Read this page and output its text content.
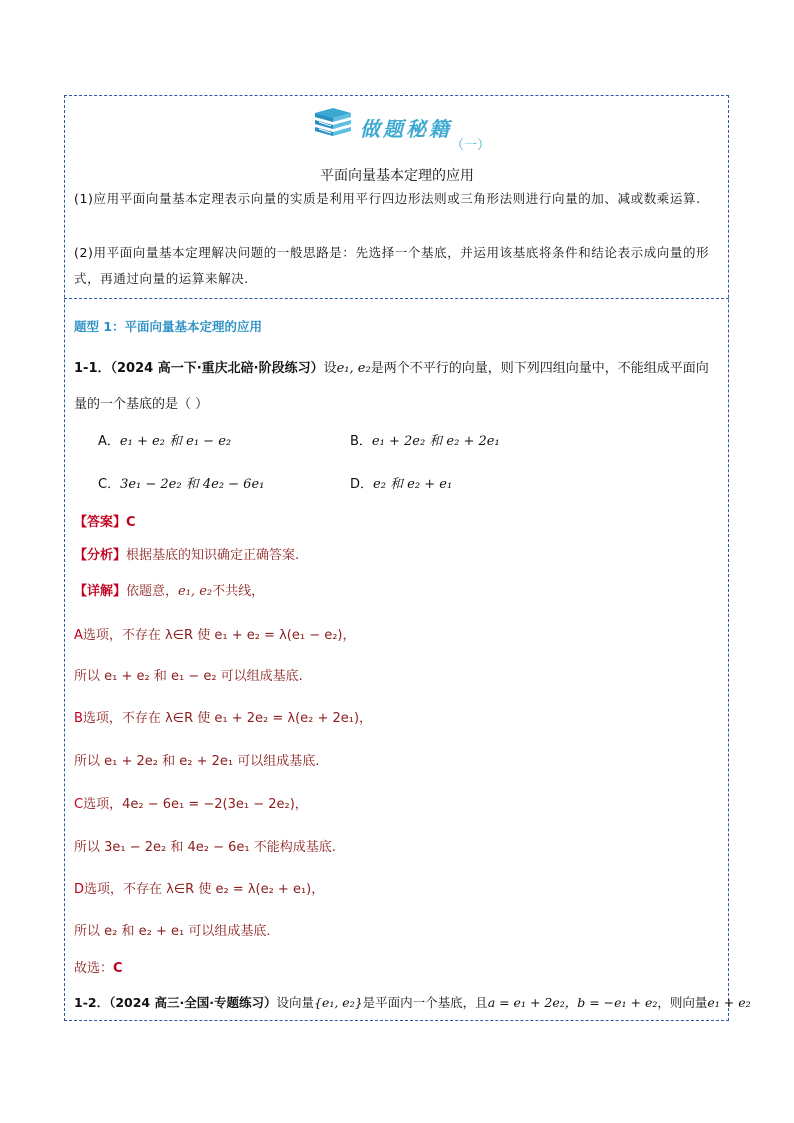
做题秘籍
（一）
平面向量基本定理的应用
(1)应用平面向量基本定理表示向量的实质是利用平行四边形法则或三角形法则进行向量的加、减或数乘运算.
(2)用平面向量基本定理解决问题的一般思路是：先选择一个基底，并运用该基底将条件和结论表示成向量的形式，再通过向量的运算来解决.
题型 1：平面向量基本定理的应用
1-1．（2024 高一下·重庆北碚·阶段练习）设e₁, e₂是两个不平行的向量，则下列四组向量中，不能组成平面向
量的一个基底的是（ ）
A．e₁ + e₂ 和 e₁ − e₂	B．e₁ + 2e₂ 和 e₂ + 2e₁
C．3e₁ − 2e₂ 和 4e₂ − 6e₁	D．e₂ 和 e₂ + e₁
【答案】C
【分析】根据基底的知识确定正确答案.
【详解】依题意，e₁, e₂不共线，
A选项，不存在 λ∈R 使 e₁ + e₂ = λ(e₁ − e₂)，
所以 e₁ + e₂ 和 e₁ − e₂ 可以组成基底.
B选项，不存在 λ∈R 使 e₁ + 2e₂ = λ(e₂ + 2e₁)，
所以 e₁ + 2e₂ 和 e₂ + 2e₁ 可以组成基底.
C选项，4e₂ − 6e₁ = −2(3e₁ − 2e₂)，
所以 3e₁ − 2e₂ 和 4e₂ − 6e₁ 不能构成基底.
D选项，不存在 λ∈R 使 e₂ = λ(e₂ + e₁)，
所以 e₂ 和 e₂ + e₁ 可以组成基底.
故选：C
1-2．（2024 高三·全国·专题练习）设向量{e₁, e₂}是平面内一个基底，且a = e₁ + 2e₂，b = −e₁ + e₂，则向量e₁ + e₂
